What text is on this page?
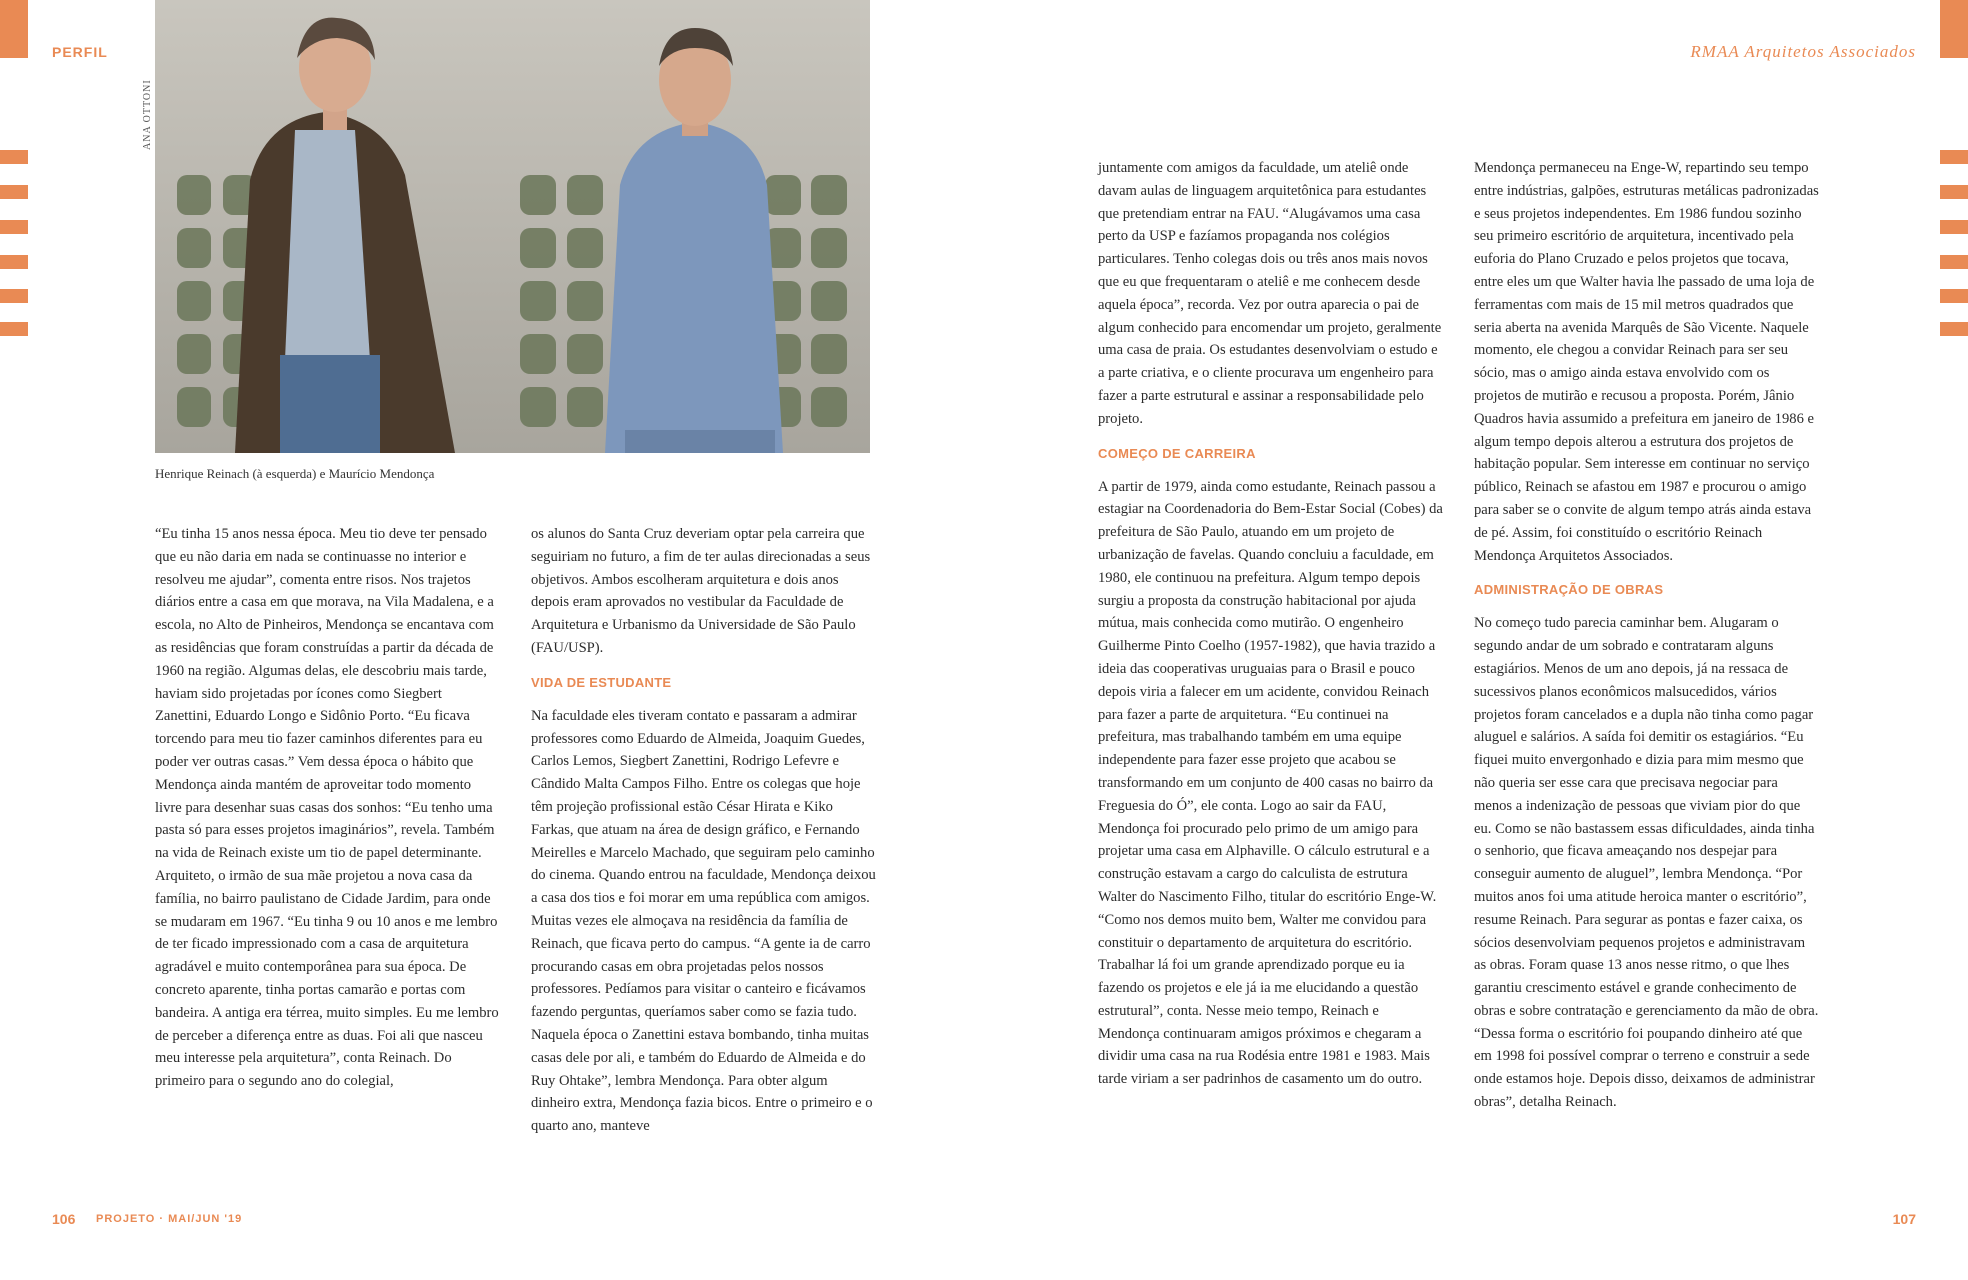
PERFIL	RMAA Arquitetos Associados
ANA OTTONI
Henrique Reinach (à esquerda) e Maurício Mendonça

“Eu tinha 15 anos nessa época. Meu tio deve ter pensado que eu não daria em nada se continuasse no interior e resolveu me ajudar”, comenta entre risos. Nos trajetos diários entre a casa em que morava, na Vila Madalena, e a escola, no Alto de Pinheiros, Mendonça se encantava com as residências que foram construídas a partir da década de 1960 na região. Algumas delas, ele descobriu mais tarde, haviam sido projetadas por ícones como Siegbert Zanettini, Eduardo Longo e Sidônio Porto. “Eu ficava torcendo para meu tio fazer caminhos diferentes para eu poder ver outras casas.” Vem dessa época o hábito que Mendonça ainda mantém de aproveitar todo momento livre para desenhar suas casas dos sonhos: “Eu tenho uma pasta só para esses projetos imaginários”, revela. Também na vida de Reinach existe um tio de papel determinante. Arquiteto, o irmão de sua mãe projetou a nova casa da família, no bairro paulistano de Cidade Jardim, para onde se mudaram em 1967. “Eu tinha 9 ou 10 anos e me lembro de ter ficado impressionado com a casa de arquitetura agradável e muito contemporânea para sua época. De concreto aparente, tinha portas camarão e portas com bandeira. A antiga era térrea, muito simples. Eu me lembro de perceber a diferença entre as duas. Foi ali que nasceu meu interesse pela arquitetura”, conta Reinach. Do primeiro para o segundo ano do colegial,

os alunos do Santa Cruz deveriam optar pela carreira que seguiriam no futuro, a fim de ter aulas direcionadas a seus objetivos. Ambos escolheram arquitetura e dois anos depois eram aprovados no vestibular da Faculdade de Arquitetura e Urbanismo da Universidade de São Paulo (FAU/USP).

VIDA DE ESTUDANTE

Na faculdade eles tiveram contato e passaram a admirar professores como Eduardo de Almeida, Joaquim Guedes, Carlos Lemos, Siegbert Zanettini, Rodrigo Lefevre e Cândido Malta Campos Filho. Entre os colegas que hoje têm projeção profissional estão César Hirata e Kiko Farkas, que atuam na área de design gráfico, e Fernando Meirelles e Marcelo Machado, que seguiram pelo caminho do cinema. Quando entrou na faculdade, Mendonça deixou a casa dos tios e foi morar em uma república com amigos. Muitas vezes ele almoçava na residência da família de Reinach, que ficava perto do campus. “A gente ia de carro procurando casas em obra projetadas pelos nossos professores. Pedíamos para visitar o canteiro e ficávamos fazendo perguntas, queríamos saber como se fazia tudo. Naquela época o Zanettini estava bombando, tinha muitas casas dele por ali, e também do Eduardo de Almeida e do Ruy Ohtake”, lembra Mendonça. Para obter algum dinheiro extra, Mendonça fazia bicos. Entre o primeiro e o quarto ano, manteve

juntamente com amigos da faculdade, um ateliê onde davam aulas de linguagem arquitetônica para estudantes que pretendiam entrar na FAU. “Alugávamos uma casa perto da USP e fazíamos propaganda nos colégios particulares. Tenho colegas dois ou três anos mais novos que eu que frequentaram o ateliê e me conhecem desde aquela época”, recorda. Vez por outra aparecia o pai de algum conhecido para encomendar um projeto, geralmente uma casa de praia. Os estudantes desenvolviam o estudo e a parte criativa, e o cliente procurava um engenheiro para fazer a parte estrutural e assinar a responsabilidade pelo projeto.

COMEÇO DE CARREIRA

A partir de 1979, ainda como estudante, Reinach passou a estagiar na Coordenadoria do Bem-Estar Social (Cobes) da prefeitura de São Paulo, atuando em um projeto de urbanização de favelas. Quando concluiu a faculdade, em 1980, ele continuou na prefeitura. Algum tempo depois surgiu a proposta da construção habitacional por ajuda mútua, mais conhecida como mutirão. O engenheiro Guilherme Pinto Coelho (1957-1982), que havia trazido a ideia das cooperativas uruguaias para o Brasil e pouco depois viria a falecer em um acidente, convidou Reinach para fazer a parte de arquitetura. “Eu continuei na prefeitura, mas trabalhando também em uma equipe independente para fazer esse projeto que acabou se transformando em um conjunto de 400 casas no bairro da Freguesia do Ó”, ele conta. Logo ao sair da FAU, Mendonça foi procurado pelo primo de um amigo para projetar uma casa em Alphaville. O cálculo estrutural e a construção estavam a cargo do calculista de estrutura Walter do Nascimento Filho, titular do escritório Enge-W. “Como nos demos muito bem, Walter me convidou para constituir o departamento de arquitetura do escritório. Trabalhar lá foi um grande aprendizado porque eu ia fazendo os projetos e ele já ia me elucidando a questão estrutural”, conta. Nesse meio tempo, Reinach e Mendonça continuaram amigos próximos e chegaram a dividir uma casa na rua Rodésia entre 1981 e 1983. Mais tarde viriam a ser padrinhos de casamento um do outro.

Mendonça permaneceu na Enge-W, repartindo seu tempo entre indústrias, galpões, estruturas metálicas padronizadas e seus projetos independentes. Em 1986 fundou sozinho seu primeiro escritório de arquitetura, incentivado pela euforia do Plano Cruzado e pelos projetos que tocava, entre eles um que Walter havia lhe passado de uma loja de ferramentas com mais de 15 mil metros quadrados que seria aberta na avenida Marquês de São Vicente. Naquele momento, ele chegou a convidar Reinach para ser seu sócio, mas o amigo ainda estava envolvido com os projetos de mutirão e recusou a proposta. Porém, Jânio Quadros havia assumido a prefeitura em janeiro de 1986 e algum tempo depois alterou a estrutura dos projetos de habitação popular. Sem interesse em continuar no serviço público, Reinach se afastou em 1987 e procurou o amigo para saber se o convite de algum tempo atrás ainda estava de pé. Assim, foi constituído o escritório Reinach Mendonça Arquitetos Associados.

ADMINISTRAÇÃO DE OBRAS

No começo tudo parecia caminhar bem. Alugaram o segundo andar de um sobrado e contrataram alguns estagiários. Menos de um ano depois, já na ressaca de sucessivos planos econômicos malsucedidos, vários projetos foram cancelados e a dupla não tinha como pagar aluguel e salários. A saída foi demitir os estagiários. “Eu fiquei muito envergonhado e dizia para mim mesmo que não queria ser esse cara que precisava negociar para menos a indenização de pessoas que viviam pior do que eu. Como se não bastassem essas dificuldades, ainda tinha o senhorio, que ficava ameaçando nos despejar para conseguir aumento de aluguel”, lembra Mendonça. “Por muitos anos foi uma atitude heroica manter o escritório”, resume Reinach. Para segurar as pontas e fazer caixa, os sócios desenvolviam pequenos projetos e administravam as obras. Foram quase 13 anos nesse ritmo, o que lhes garantiu crescimento estável e grande conhecimento de obras e sobre contratação e gerenciamento da mão de obra. “Dessa forma o escritório foi poupando dinheiro até que em 1998 foi possível comprar o terreno e construir a sede onde estamos hoje. Depois disso, deixamos de administrar obras”, detalha Reinach.

106 PROJETO · MAI/JUN '19	107
